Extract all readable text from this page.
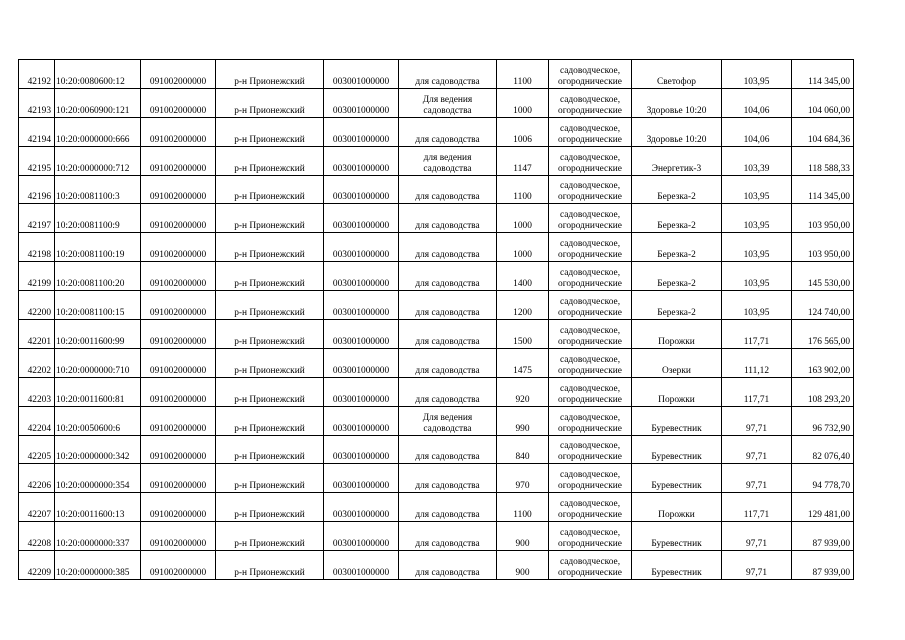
42192	10:20:0080600:12	091002000000	р-н Прионежский	003001000000	для садоводства	1100	садоводческое, огороднические	Светофор	103,95	114 345,00
42193	10:20:0060900:121	091002000000	р-н Прионежский	003001000000	Для ведения садоводства	1000	садоводческое, огороднические	Здоровье 10:20	104,06	104 060,00
42194	10:20:0000000:666	091002000000	р-н Прионежский	003001000000	для садоводства	1006	садоводческое, огороднические	Здоровье 10:20	104,06	104 684,36
42195	10:20:0000000:712	091002000000	р-н Прионежский	003001000000	для ведения садоводства	1147	садоводческое, огороднические	Энергетик-3	103,39	118 588,33
42196	10:20:0081100:3	091002000000	р-н Прионежский	003001000000	для садоводства	1100	садоводческое, огороднические	Березка-2	103,95	114 345,00
42197	10:20:0081100:9	091002000000	р-н Прионежский	003001000000	для садоводства	1000	садоводческое, огороднические	Березка-2	103,95	103 950,00
42198	10:20:0081100:19	091002000000	р-н Прионежский	003001000000	для садоводства	1000	садоводческое, огороднические	Березка-2	103,95	103 950,00
42199	10:20:0081100:20	091002000000	р-н Прионежский	003001000000	для садоводства	1400	садоводческое, огороднические	Березка-2	103,95	145 530,00
42200	10:20:0081100:15	091002000000	р-н Прионежский	003001000000	для садоводства	1200	садоводческое, огороднические	Березка-2	103,95	124 740,00
42201	10:20:0011600:99	091002000000	р-н Прионежский	003001000000	для садоводства	1500	садоводческое, огороднические	Порожки	117,71	176 565,00
42202	10:20:0000000:710	091002000000	р-н Прионежский	003001000000	для садоводства	1475	садоводческое, огороднические	Озерки	111,12	163 902,00
42203	10:20:0011600:81	091002000000	р-н Прионежский	003001000000	для садоводства	920	садоводческое, огороднические	Порожки	117,71	108 293,20
42204	10:20:0050600:6	091002000000	р-н Прионежский	003001000000	Для ведения садоводства	990	садоводческое, огороднические	Буревестник	97,71	96 732,90
42205	10:20:0000000:342	091002000000	р-н Прионежский	003001000000	для садоводства	840	садоводческое, огороднические	Буревестник	97,71	82 076,40
42206	10:20:0000000:354	091002000000	р-н Прионежский	003001000000	для садоводства	970	садоводческое, огороднические	Буревестник	97,71	94 778,70
42207	10:20:0011600:13	091002000000	р-н Прионежский	003001000000	для садоводства	1100	садоводческое, огороднические	Порожки	117,71	129 481,00
42208	10:20:0000000:337	091002000000	р-н Прионежский	003001000000	для садоводства	900	садоводческое, огороднические	Буревестник	97,71	87 939,00
42209	10:20:0000000:385	091002000000	р-н Прионежский	003001000000	для садоводства	900	садоводческое, огороднические	Буревестник	97,71	87 939,00
